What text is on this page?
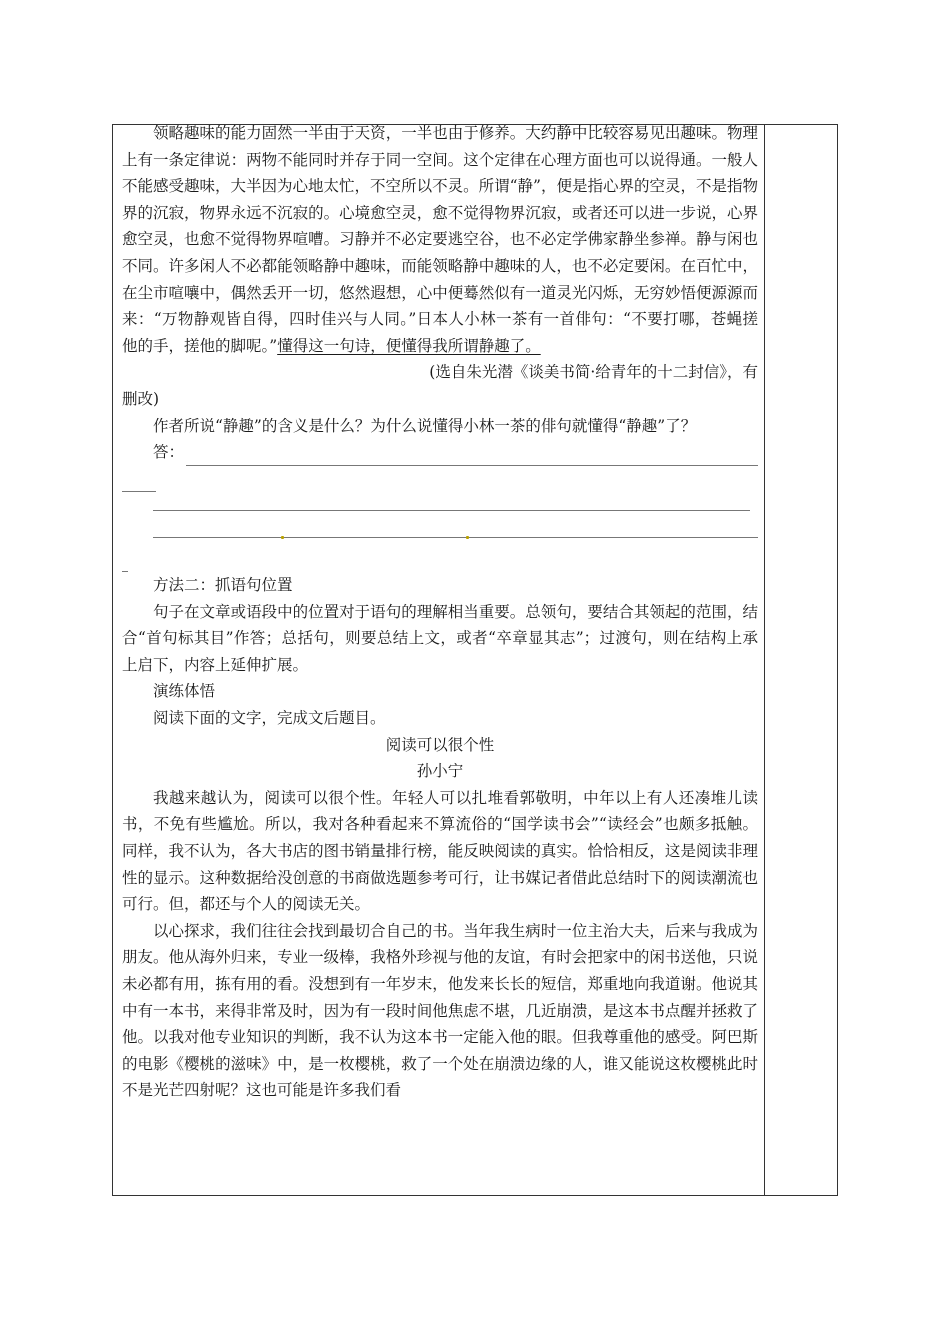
领略趣味的能力固然一半由于天资，一半也由于修养。大约静中比较容易见出趣味。物理上有一条定律说：两物不能同时并存于同一空间。这个定律在心理方面也可以说得通。一般人不能感受趣味，大半因为心地太忙，不空所以不灵。所谓“静”，便是指心界的空灵，不是指物界的沉寂，物界永远不沉寂的。心境愈空灵，愈不觉得物界沉寂，或者还可以进一步说，心界愈空灵，也愈不觉得物界喧嘈。习静并不必定要逃空谷，也不必定学佛家静坐参禅。静与闲也不同。许多闲人不必都能领略静中趣味，而能领略静中趣味的人，也不必定要闲。在百忙中，在尘市喧嚷中，偶然丢开一切，悠然遐想，心中便蓦然似有一道灵光闪烁，无穷妙悟便源源而来：“万物静观皆自得，四时佳兴与人同。”日本人小林一茶有一首俳句：“不要打哪，苍蝇搓他的手，搓他的脚呢。”懂得这一句诗，便懂得我所谓静趣了。

(选自朱光潜《谈美书简·给青年的十二封信》，有

删改)

作者所说“静趣”的含义是什么？为什么说懂得小林一茶的俳句就懂得“静趣”了？

答：

方法二：抓语句位置

句子在文章或语段中的位置对于语句的理解相当重要。总领句，要结合其领起的范围，结合“首句标其目”作答；总括句，则要总结上文，或者“卒章显其志”；过渡句，则在结构上承上启下，内容上延伸扩展。

演练体悟

阅读下面的文字，完成文后题目。

阅读可以很个性

孙小宁

我越来越认为，阅读可以很个性。年轻人可以扎堆看郭敬明，中年以上有人还凑堆儿读书，不免有些尴尬。所以，我对各种看起来不算流俗的“国学读书会”“读经会”也颇多抵触。同样，我不认为，各大书店的图书销量排行榜，能反映阅读的真实。恰恰相反，这是阅读非理性的显示。这种数据给没创意的书商做选题参考可行，让书媒记者借此总结时下的阅读潮流也可行。但，都还与个人的阅读无关。

以心探求，我们往往会找到最切合自己的书。当年我生病时一位主治大夫，后来与我成为朋友。他从海外归来，专业一级棒，我格外珍视与他的友谊，有时会把家中的闲书送他，只说未必都有用，拣有用的看。没想到有一年岁末，他发来长长的短信，郑重地向我道谢。他说其中有一本书，来得非常及时，因为有一段时间他焦虑不堪，几近崩溃，是这本书点醒并拯救了他。以我对他专业知识的判断，我不认为这本书一定能入他的眼。但我尊重他的感受。阿巴斯的电影《樱桃的滋味》中，是一枚樱桃，救了一个处在崩溃边缘的人，谁又能说这枚樱桃此时不是光芒四射呢？这也可能是许多我们看
